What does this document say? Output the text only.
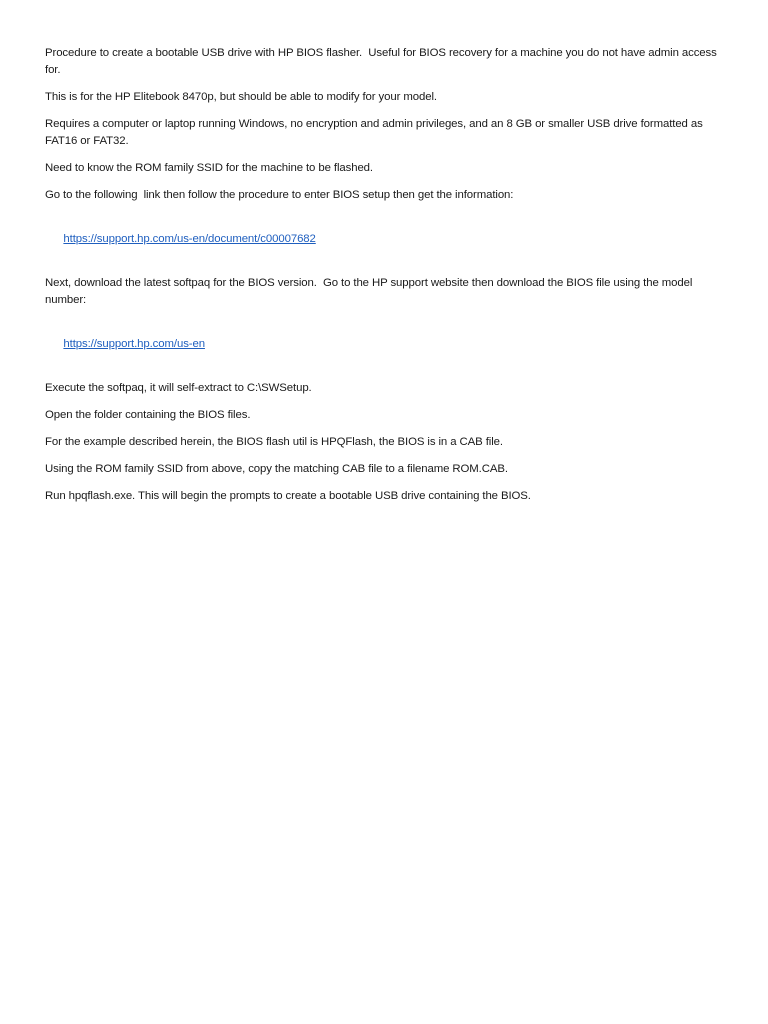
Procedure to create a bootable USB drive with HP BIOS flasher.  Useful for BIOS recovery for a machine you do not have admin access for.

This is for the HP Elitebook 8470p, but should be able to modify for your model.

Requires a computer or laptop running Windows, no encryption and admin privileges, and an 8 GB or smaller USB drive formatted as FAT16 or FAT32.

Need to know the ROM family SSID for the machine to be flashed.

Go to the following  link then follow the procedure to enter BIOS setup then get the information:

https://support.hp.com/us-en/document/c00007682

Next, download the latest softpaq for the BIOS version.  Go to the HP support website then download the BIOS file using the model number:

https://support.hp.com/us-en

Execute the softpaq, it will self-extract to C:\SWSetup.

Open the folder containing the BIOS files.

For the example described herein, the BIOS flash util is HPQFlash, the BIOS is in a CAB file.

Using the ROM family SSID from above, copy the matching CAB file to a filename ROM.CAB.

Run hpqflash.exe. This will begin the prompts to create a bootable USB drive containing the BIOS.
